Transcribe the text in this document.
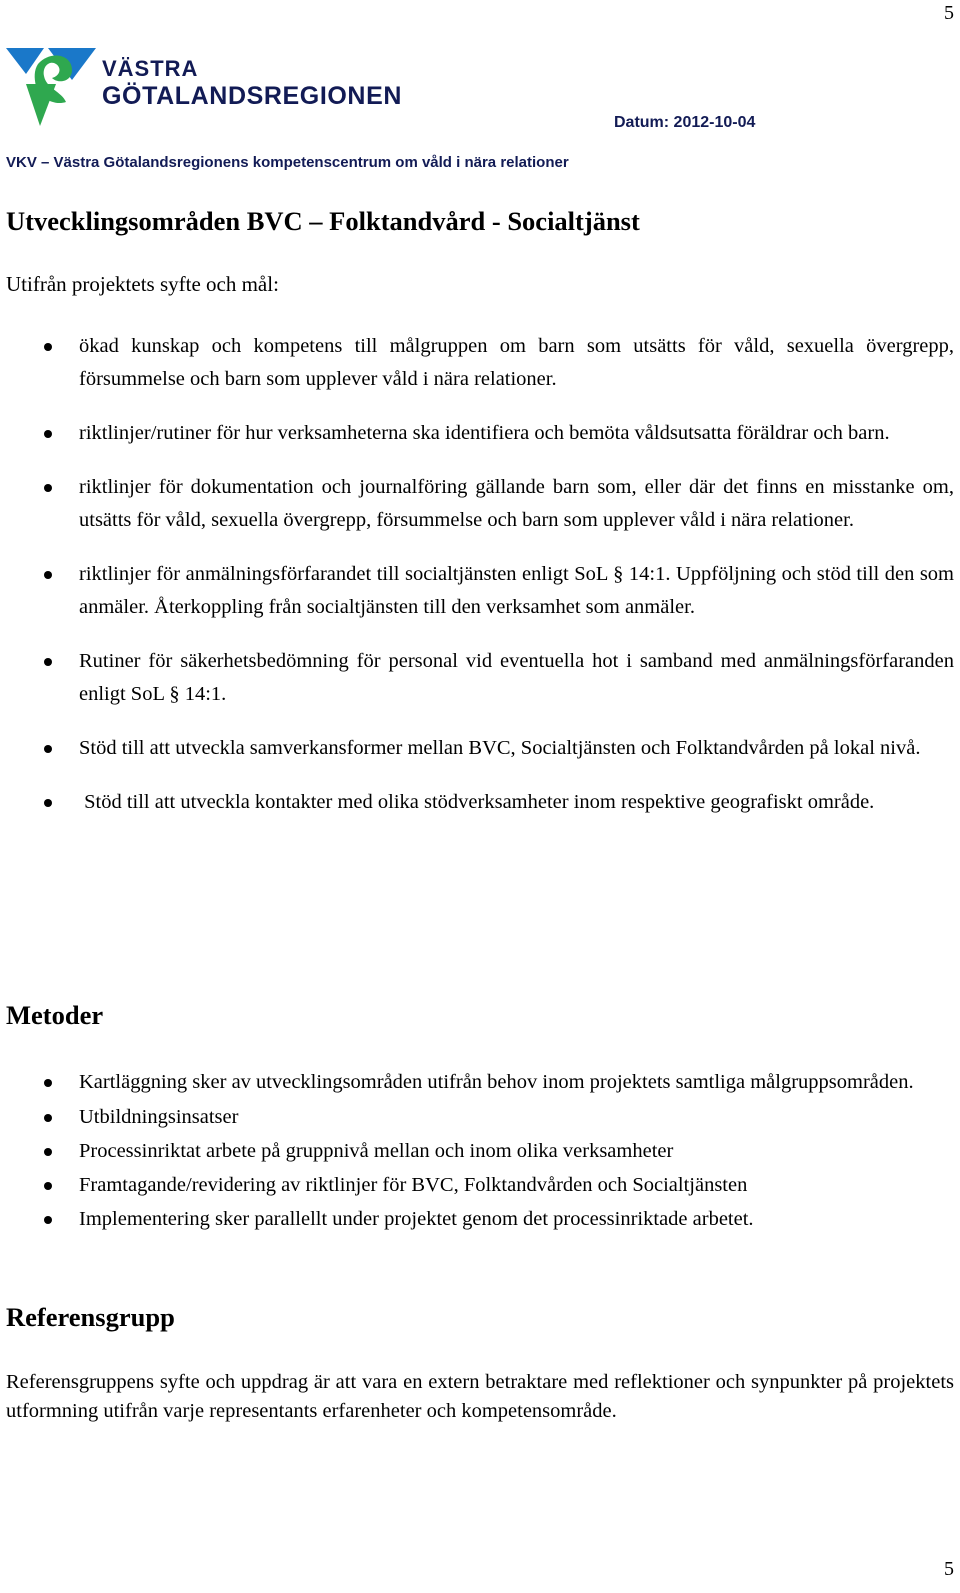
5
VÄSTRA
GÖTALANDSREGIONEN
Datum: 2012-10-04
VKV – Västra Götalandsregionens kompetenscentrum om våld i nära relationer
Utvecklingsområden BVC – Folktandvård - Socialtjänst
Utifrån projektets syfte och mål:
ökad kunskap och kompetens till målgruppen om barn som utsätts för våld, sexuella övergrepp, försummelse och barn som upplever våld i nära relationer.
riktlinjer/rutiner för hur verksamheterna ska identifiera och bemöta våldsutsatta föräldrar och barn.
riktlinjer för dokumentation och journalföring gällande barn som, eller där det finns en misstanke om, utsätts för våld, sexuella övergrepp, försummelse och barn som upplever våld i nära relationer.
riktlinjer för anmälningsförfarandet till socialtjänsten enligt SoL § 14:1. Uppföljning och stöd till den som anmäler. Återkoppling från socialtjänsten till den verksamhet som anmäler.
Rutiner för säkerhetsbedömning för personal vid eventuella hot i samband med anmälningsförfaranden enligt SoL § 14:1.
Stöd till att utveckla samverkansformer mellan BVC, Socialtjänsten och Folktandvården på lokal nivå.
Stöd till att utveckla kontakter med olika stödverksamheter inom respektive geografiskt område.
Metoder
Kartläggning sker av utvecklingsområden utifrån behov inom projektets samtliga målgruppsområden.
Utbildningsinsatser
Processinriktat arbete på gruppnivå mellan och inom olika verksamheter
Framtagande/revidering av riktlinjer för BVC, Folktandvården och Socialtjänsten
Implementering sker parallellt under projektet genom det processinriktade arbetet.
Referensgrupp

Referensgruppens syfte och uppdrag är att vara en extern betraktare med reflektioner och synpunkter på projektets utformning utifrån varje representants erfarenheter och kompetensområde.

5
